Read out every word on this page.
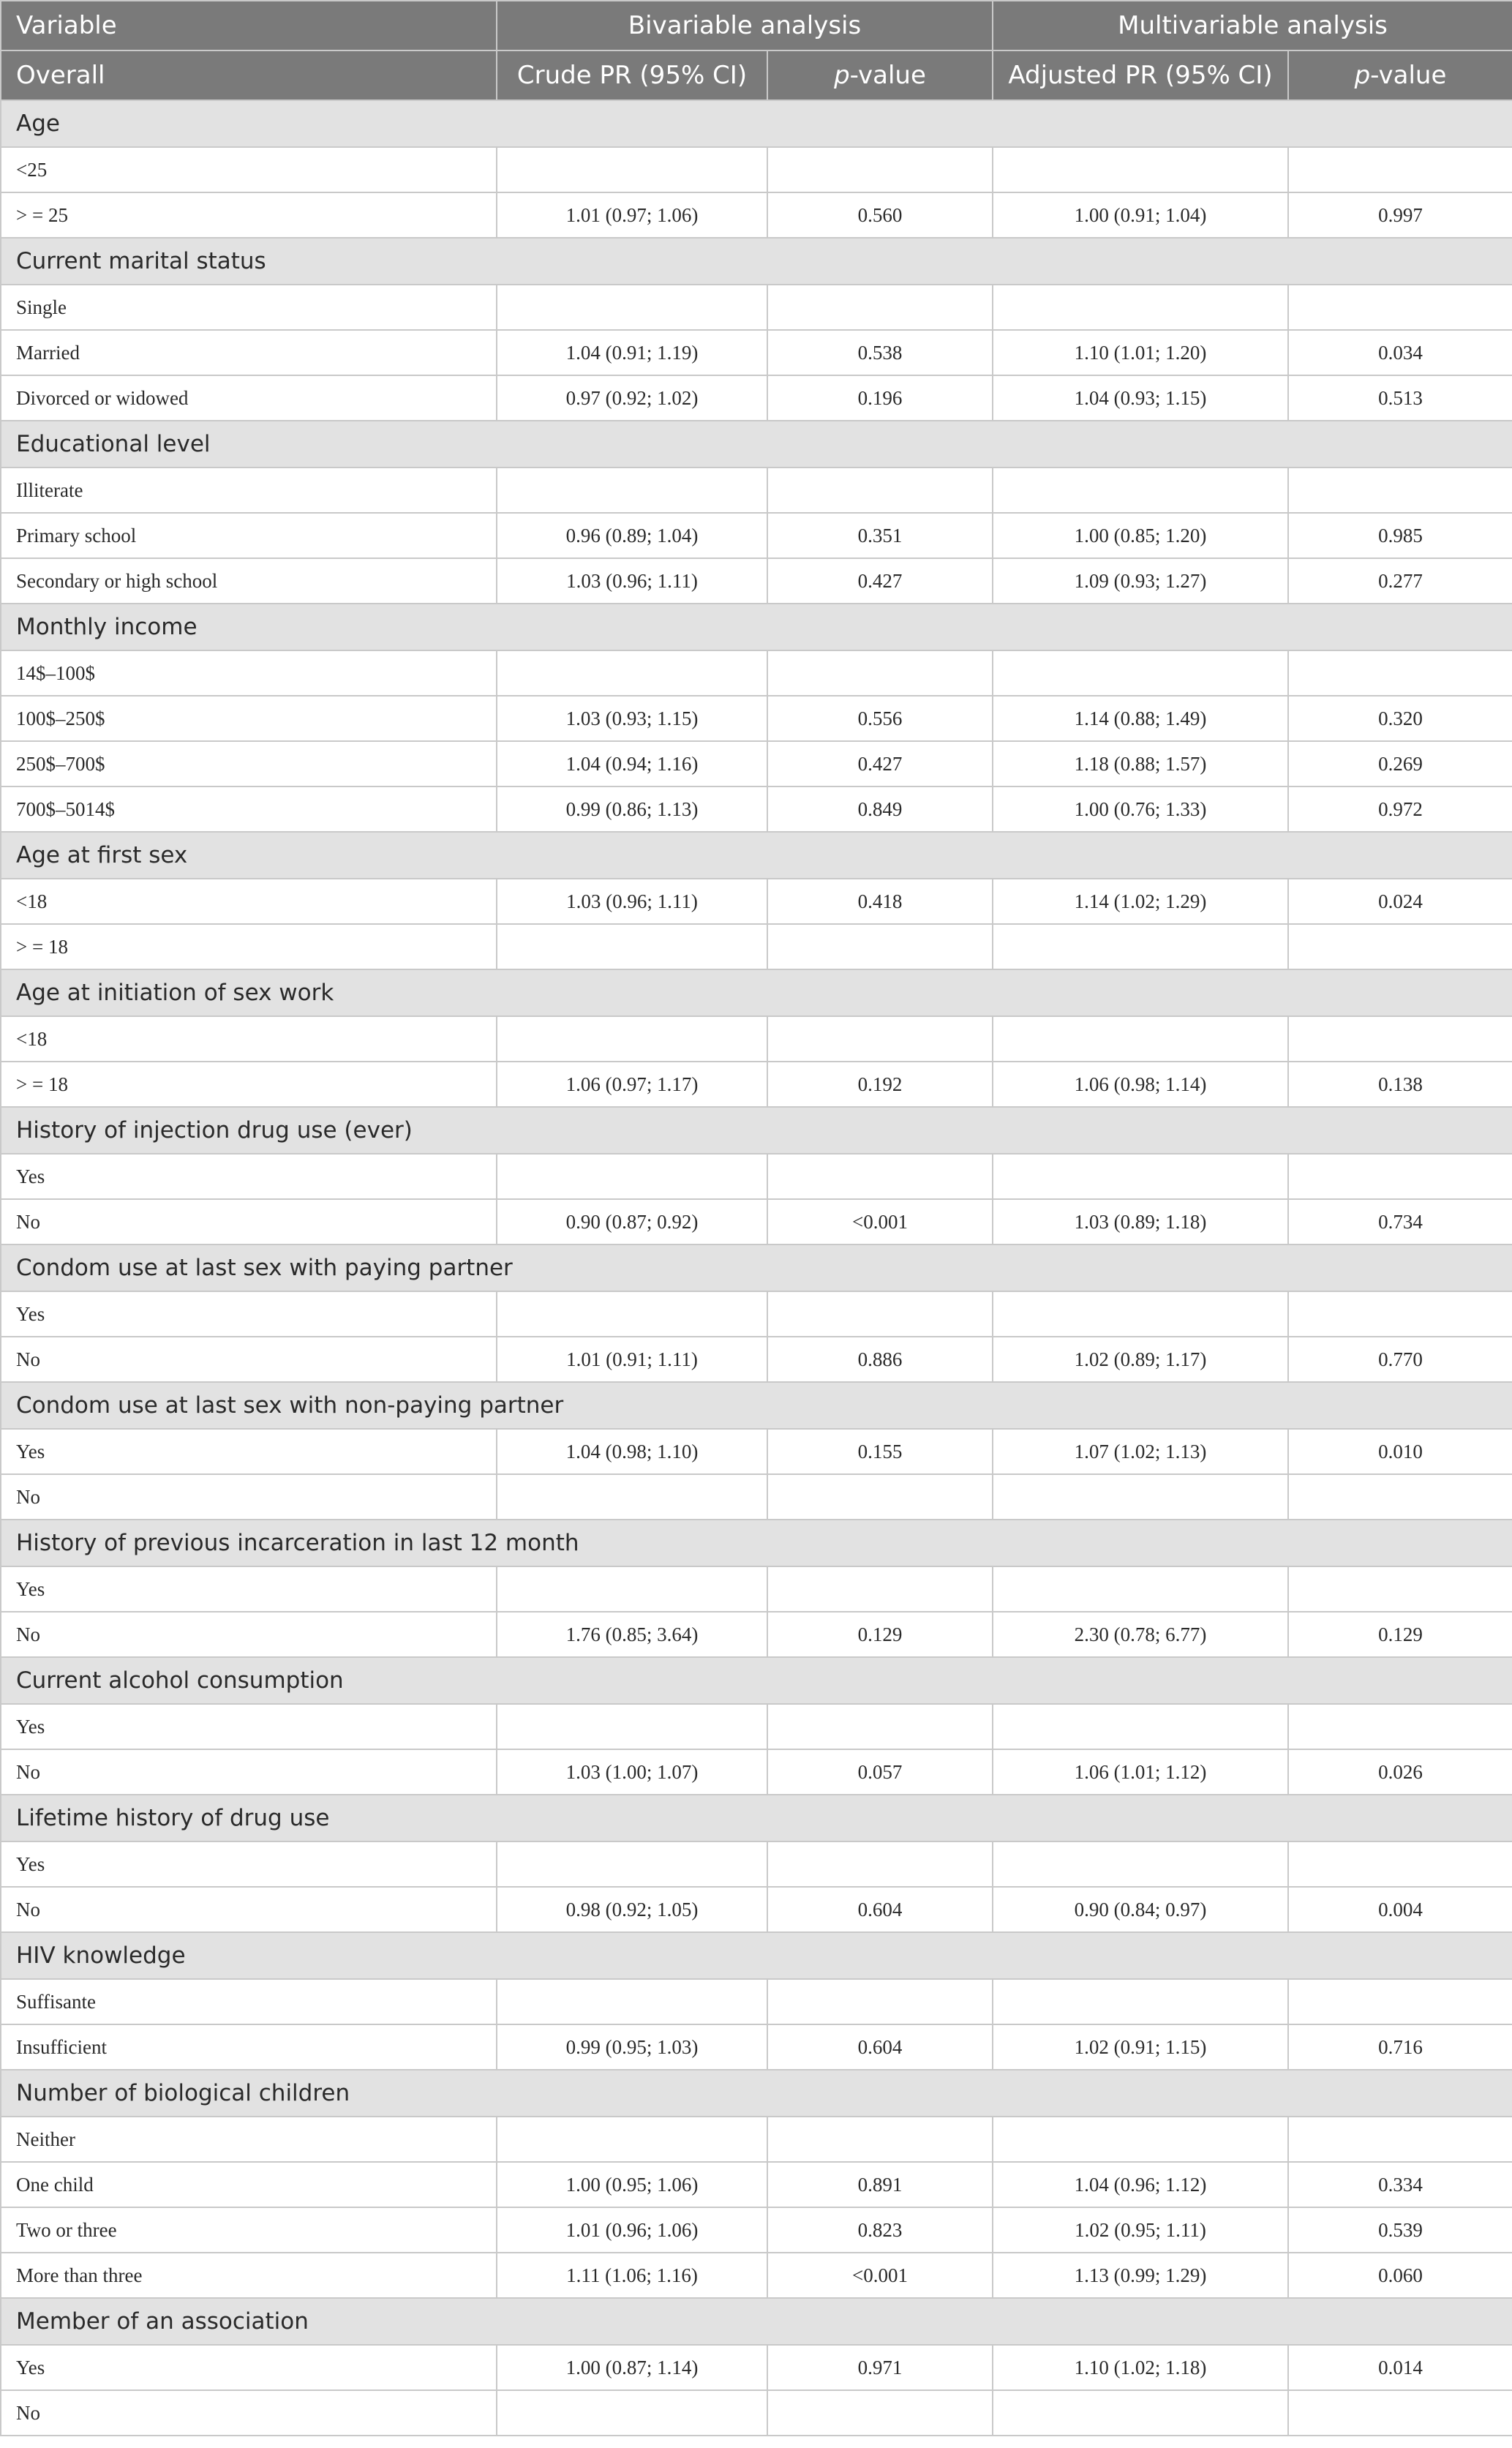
Variable	Bivariable analysis		Multivariable analysis	
Overall	Crude PR (95% CI)	p-value	Adjusted PR (95% CI)	p-value
Age				
<25				
> = 25	1.01 (0.97; 1.06)	0.560	1.00 (0.91; 1.04)	0.997
Current marital status				
Single				
Married	1.04 (0.91; 1.19)	0.538	1.10 (1.01; 1.20)	0.034
Divorced or widowed	0.97 (0.92; 1.02)	0.196	1.04 (0.93; 1.15)	0.513
Educational level				
Illiterate				
Primary school	0.96 (0.89; 1.04)	0.351	1.00 (0.85; 1.20)	0.985
Secondary or high school	1.03 (0.96; 1.11)	0.427	1.09 (0.93; 1.27)	0.277
Monthly income				
14$–100$				
100$–250$	1.03 (0.93; 1.15)	0.556	1.14 (0.88; 1.49)	0.320
250$–700$	1.04 (0.94; 1.16)	0.427	1.18 (0.88; 1.57)	0.269
700$–5014$	0.99 (0.86; 1.13)	0.849	1.00 (0.76; 1.33)	0.972
Age at first sex				
<18	1.03 (0.96; 1.11)	0.418	1.14 (1.02; 1.29)	0.024
> = 18				
Age at initiation of sex work				
<18				
> = 18	1.06 (0.97; 1.17)	0.192	1.06 (0.98; 1.14)	0.138
History of injection drug use (ever)				
Yes				
No	0.90 (0.87; 0.92)	<0.001	1.03 (0.89; 1.18)	0.734
Condom use at last sex with paying partner				
Yes				
No	1.01 (0.91; 1.11)	0.886	1.02 (0.89; 1.17)	0.770
Condom use at last sex with non-paying partner				
Yes	1.04 (0.98; 1.10)	0.155	1.07 (1.02; 1.13)	0.010
No				
History of previous incarceration in last 12 month				
Yes				
No	1.76 (0.85; 3.64)	0.129	2.30 (0.78; 6.77)	0.129
Current alcohol consumption				
Yes				
No	1.03 (1.00; 1.07)	0.057	1.06 (1.01; 1.12)	0.026
Lifetime history of drug use				
Yes				
No	0.98 (0.92; 1.05)	0.604	0.90 (0.84; 0.97)	0.004
HIV knowledge				
Suffisante				
Insufficient	0.99 (0.95; 1.03)	0.604	1.02 (0.91; 1.15)	0.716
Number of biological children				
Neither				
One child	1.00 (0.95; 1.06)	0.891	1.04 (0.96; 1.12)	0.334
Two or three	1.01 (0.96; 1.06)	0.823	1.02 (0.95; 1.11)	0.539
More than three	1.11 (1.06; 1.16)	<0.001	1.13 (0.99; 1.29)	0.060
Member of an association				
Yes	1.00 (0.87; 1.14)	0.971	1.10 (1.02; 1.18)	0.014
No				
